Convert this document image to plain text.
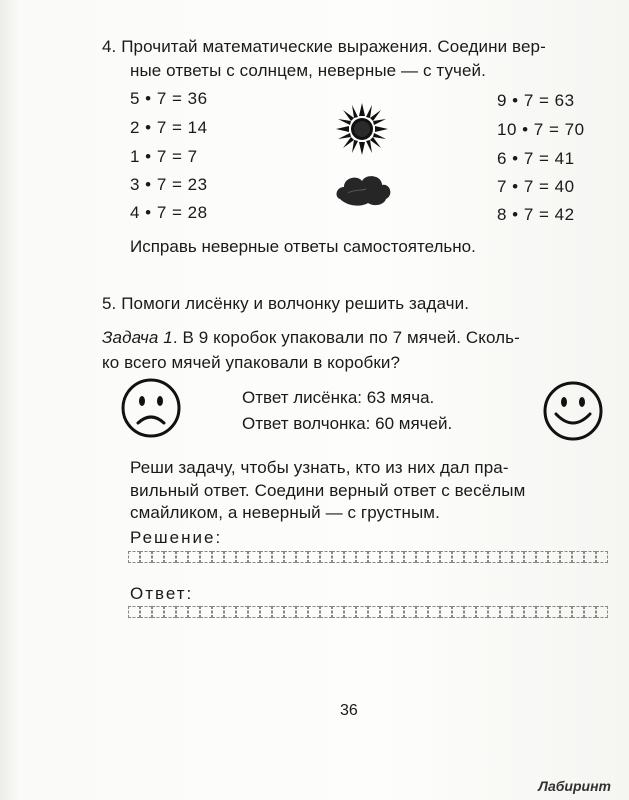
4. Прочитай математические выражения. Соедини вер-
ные ответы с солнцем, неверные — с тучей.
5 • 7 = 36
2 • 7 = 14
1 • 7 = 7
3 • 7 = 23
4 • 7 = 28
9 • 7 = 63
10 • 7 = 70
6 • 7 = 41
7 • 7 = 40
8 • 7 = 42
Исправь неверные ответы самостоятельно.
5. Помоги лисёнку и волчонку решить задачи.
Задача 1. В 9 коробок упаковали по 7 мячей. Сколь-
ко всего мячей упаковали в коробки?
Ответ лисёнка: 63 мяча.
Ответ волчонка: 60 мячей.
Реши задачу, чтобы узнать, кто из них дал пра-
вильный ответ. Соедини верный ответ с весёлым
смайликом, а неверный — с грустным.
Решение:
Ответ:
36
Лабиринт
